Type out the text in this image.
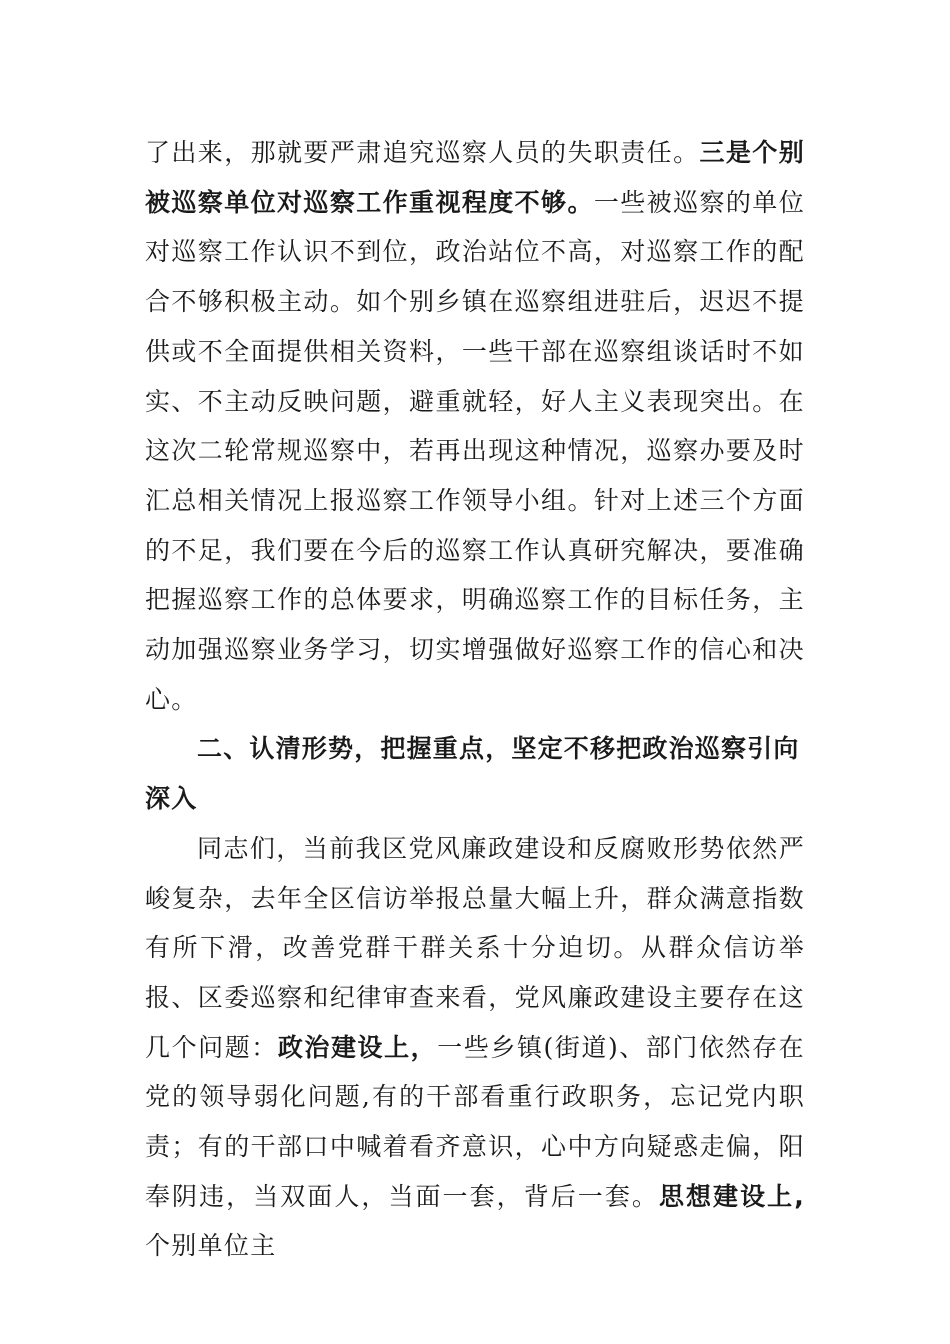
了出来，那就要严肃追究巡察人员的失职责任。三是个别被巡察单位对巡察工作重视程度不够。一些被巡察的单位对巡察工作认识不到位，政治站位不高，对巡察工作的配合不够积极主动。如个别乡镇在巡察组进驻后，迟迟不提供或不全面提供相关资料，一些干部在巡察组谈话时不如实、不主动反映问题，避重就轻，好人主义表现突出。在这次二轮常规巡察中，若再出现这种情况，巡察办要及时汇总相关情况上报巡察工作领导小组。针对上述三个方面的不足，我们要在今后的巡察工作认真研究解决，要准确把握巡察工作的总体要求，明确巡察工作的目标任务，主动加强巡察业务学习，切实增强做好巡察工作的信心和决心。

二、认清形势，把握重点，坚定不移把政治巡察引向深入

同志们，当前我区党风廉政建设和反腐败形势依然严峻复杂，去年全区信访举报总量大幅上升，群众满意指数有所下滑，改善党群干群关系十分迫切。从群众信访举报、区委巡察和纪律审查来看，党风廉政建设主要存在这几个问题：政治建设上，一些乡镇(街道)、部门依然存在党的领导弱化问题,有的干部看重行政职务，忘记党内职责；有的干部口中喊着看齐意识，心中方向疑惑走偏，阳奉阴违，当双面人，当面一套，背后一套。思想建设上,个别单位主
